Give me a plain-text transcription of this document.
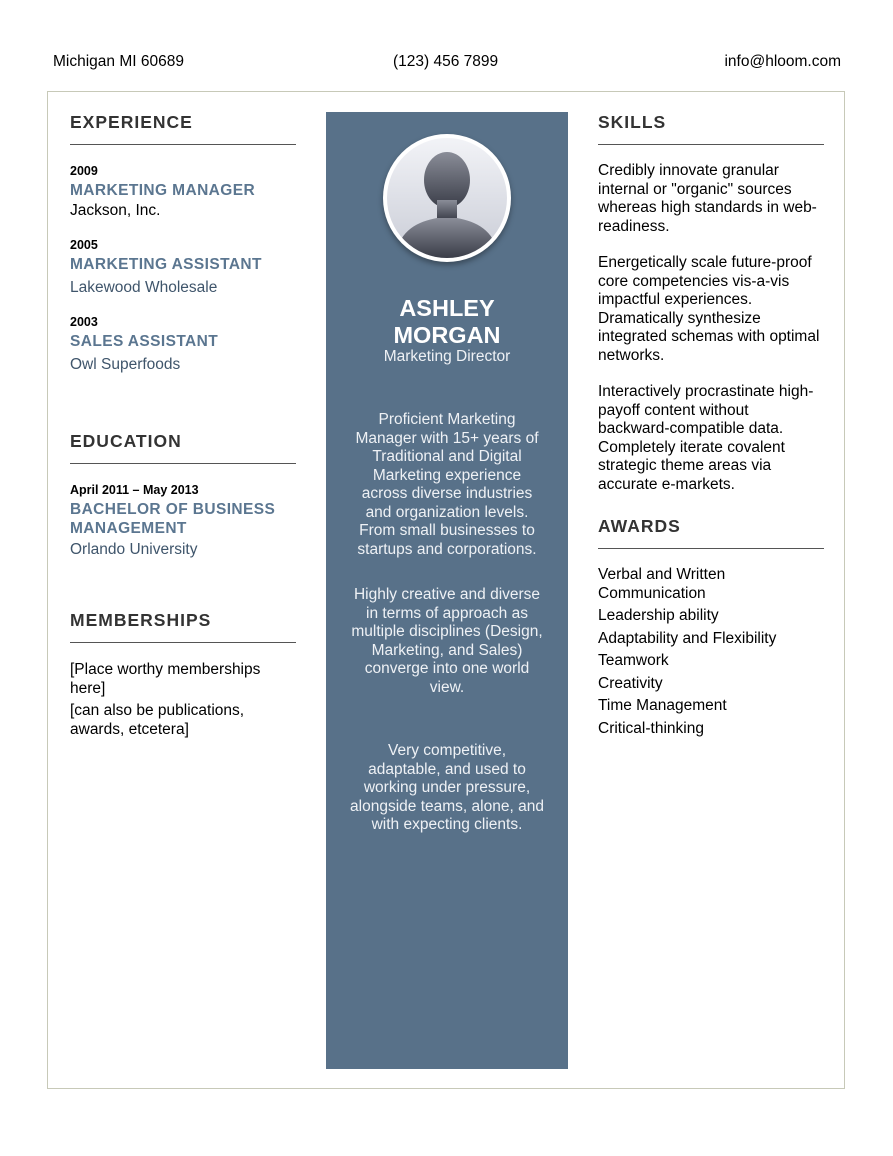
Michigan MI 60689	(123) 456 7899	info@hloom.com
EXPERIENCE
2009
MARKETING MANAGER
Jackson, Inc.
2005
MARKETING ASSISTANT
Lakewood Wholesale
2003
SALES ASSISTANT
Owl Superfoods
EDUCATION
April 2011 – May 2013
BACHELOR OF BUSINESS MANAGEMENT
Orlando University
MEMBERSHIPS
[Place worthy memberships here]
[can also be publications, awards, etcetera]
ASHLEY
MORGAN
Marketing Director
Proficient Marketing Manager with 15+ years of Traditional and Digital Marketing experience across diverse industries and organization levels. From small businesses to startups and corporations.
Highly creative and diverse in terms of approach as multiple disciplines (Design, Marketing, and Sales) converge into one world view.
Very competitive, adaptable, and used to working under pressure, alongside teams, alone, and with expecting clients.
SKILLS
Credibly innovate granular internal or "organic" sources whereas high standards in web-readiness.
Energetically scale future-proof core competencies vis-a-vis impactful experiences. Dramatically synthesize integrated schemas with optimal networks.
Interactively procrastinate high-payoff content without backward-compatible data. Completely iterate covalent strategic theme areas via accurate e-markets.
AWARDS
Verbal and Written Communication
Leadership ability
Adaptability and Flexibility
Teamwork
Creativity
Time Management
Critical-thinking
